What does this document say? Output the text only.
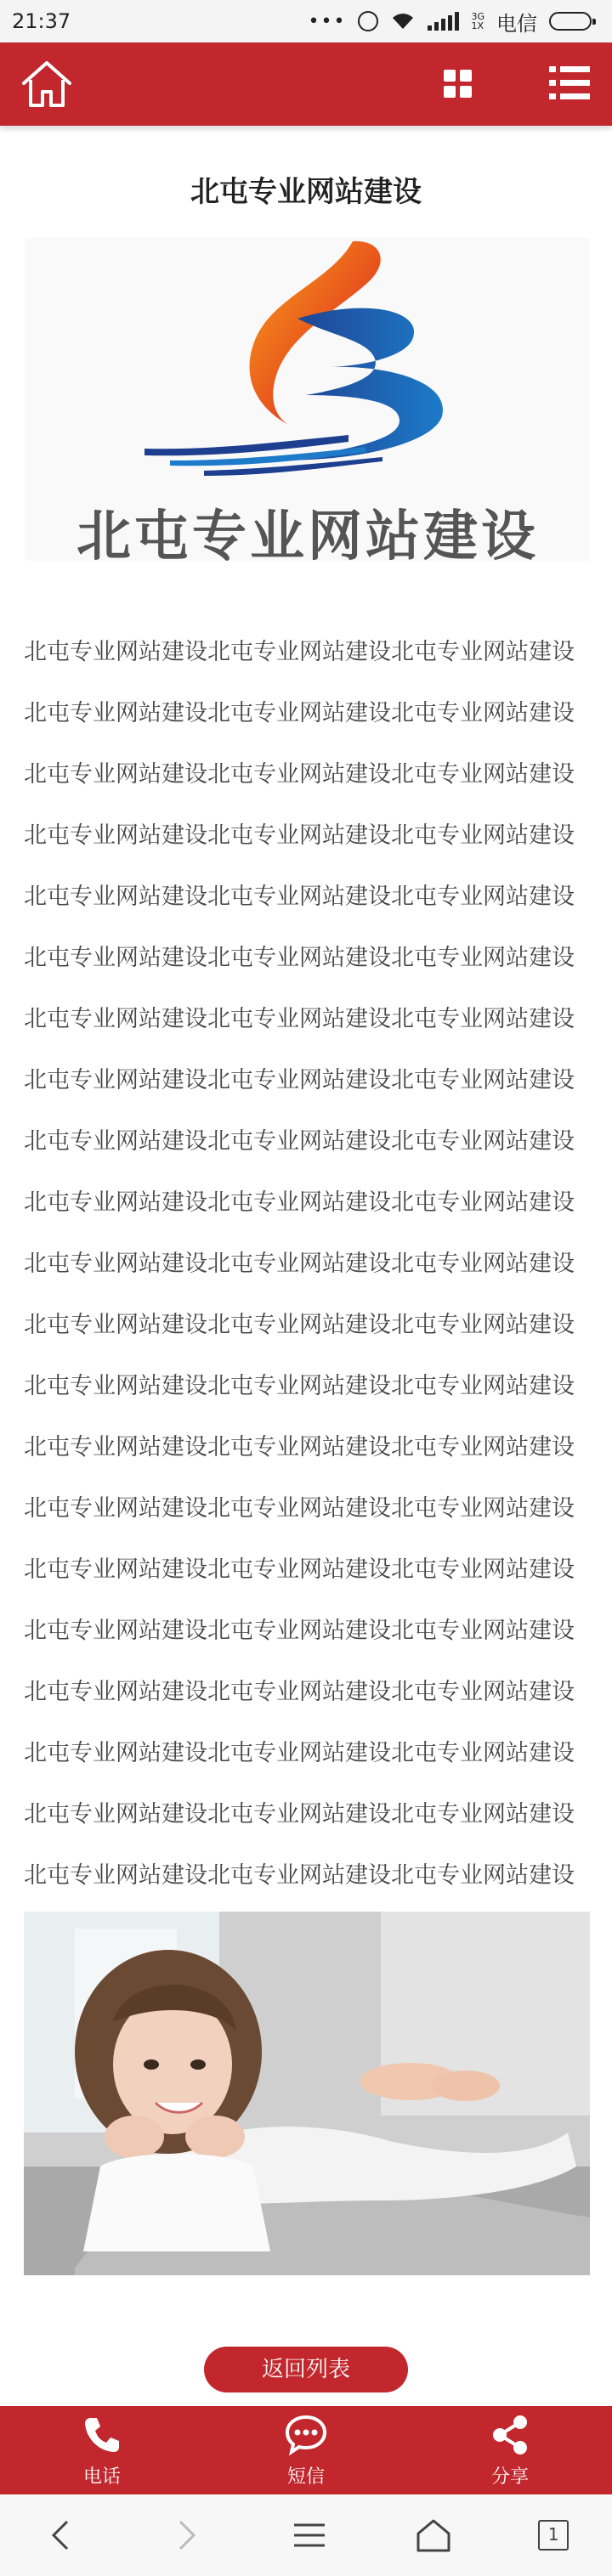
21:37	•••	3G
1X 电信
北屯专业网站建设
北屯专业网站建设
北屯专业网站建设北屯专业网站建设北屯专业网站建设北屯专业网站建设北屯专业网站建设北屯专业网站建设北屯专业网站建设北屯专业网站建设北屯专业网站建设北屯专业网站建设北屯专业网站建设北屯专业网站建设北屯专业网站建设北屯专业网站建设北屯专业网站建设北屯专业网站建设北屯专业网站建设北屯专业网站建设北屯专业网站建设北屯专业网站建设北屯专业网站建设北屯专业网站建设北屯专业网站建设北屯专业网站建设北屯专业网站建设北屯专业网站建设北屯专业网站建设北屯专业网站建设北屯专业网站建设北屯专业网站建设北屯专业网站建设北屯专业网站建设北屯专业网站建设北屯专业网站建设北屯专业网站建设北屯专业网站建设北屯专业网站建设北屯专业网站建设北屯专业网站建设北屯专业网站建设北屯专业网站建设北屯专业网站建设北屯专业网站建设北屯专业网站建设北屯专业网站建设北屯专业网站建设北屯专业网站建设北屯专业网站建设北屯专业网站建设北屯专业网站建设北屯专业网站建设北屯专业网站建设北屯专业网站建设北屯专业网站建设北屯专业网站建设北屯专业网站建设北屯专业网站建设北屯专业网站建设北屯专业网站建设北屯专业网站建设北屯专业网站建设北屯专业网站建设北屯专业网站建设
返回列表
电话	短信	分享
1
